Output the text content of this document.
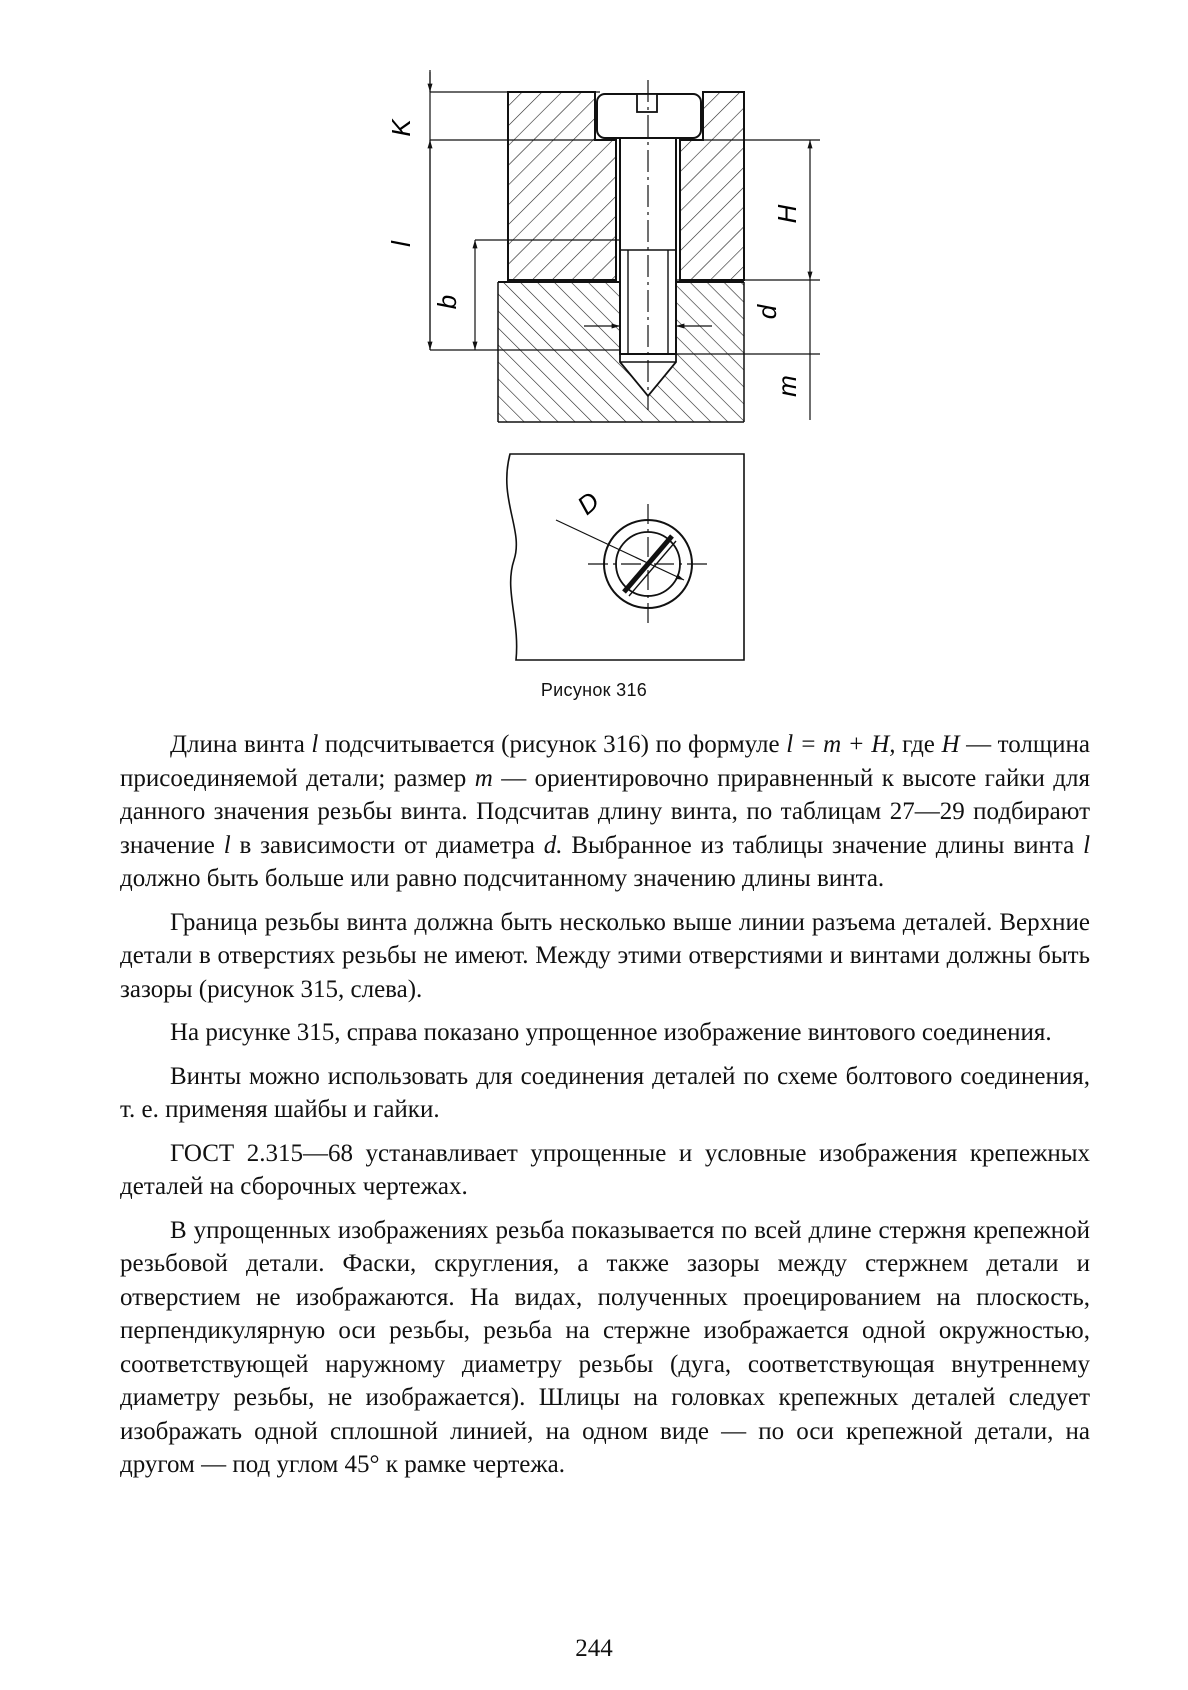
K
l
b
H
d
m
D
Рисунок 316

Длина винта l подсчитывается (рисунок 316) по формуле l = m + H, где H — толщина присоединяемой детали; размер m — ориентировочно приравненный к высоте гайки для данного значения резьбы винта. Подсчитав длину винта, по таблицам 27—29 подбирают значение l в зависимости от диаметра d. Выбранное из таблицы значение длины винта l должно быть больше или равно подсчитанному значению длины винта.

Граница резьбы винта должна быть несколько выше линии разъема деталей. Верхние детали в отверстиях резьбы не имеют. Между этими отверстиями и винтами должны быть зазоры (рисунок 315, слева).

На рисунке 315, справа показано упрощенное изображение винтового соединения.

Винты можно использовать для соединения деталей по схеме болтового соединения, т. е. применяя шайбы и гайки.

ГОСТ 2.315—68 устанавливает упрощенные и условные изображения крепежных деталей на сборочных чертежах.

В упрощенных изображениях резьба показывается по всей длине стержня крепежной резьбовой детали. Фаски, скругления, а также зазоры между стержнем детали и отверстием не изображаются. На видах, полученных проецированием на плоскость, перпендикулярную оси резьбы, резьба на стержне изображается одной окружностью, соответствующей наружному диаметру резьбы (дуга, соответствующая внутреннему диаметру резьбы, не изображается). Шлицы на головках крепежных деталей следует изображать одной сплошной линией, на одном виде — по оси крепежной детали, на другом — под углом 45° к рамке чертежа.

244
